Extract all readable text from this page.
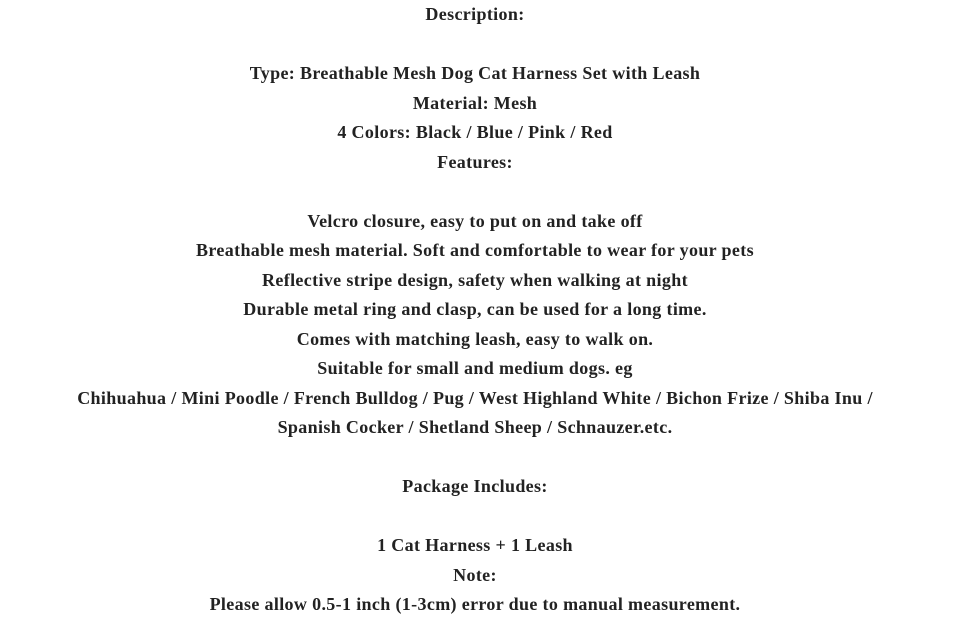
Description:
Type: Breathable Mesh Dog Cat Harness Set with Leash
Material: Mesh
4 Colors: Black / Blue / Pink / Red
Features:
Velcro closure, easy to put on and take off
Breathable mesh material. Soft and comfortable to wear for your pets
Reflective stripe design, safety when walking at night
Durable metal ring and clasp, can be used for a long time.
Comes with matching leash, easy to walk on.
Suitable for small and medium dogs. eg
Chihuahua / Mini Poodle / French Bulldog / Pug / West Highland White / Bichon Frize / Shiba Inu /
Spanish Cocker / Shetland Sheep / Schnauzer.etc.
Package Includes:
1 Cat Harness + 1 Leash
Note:
Please allow 0.5-1 inch (1-3cm) error due to manual measurement.
